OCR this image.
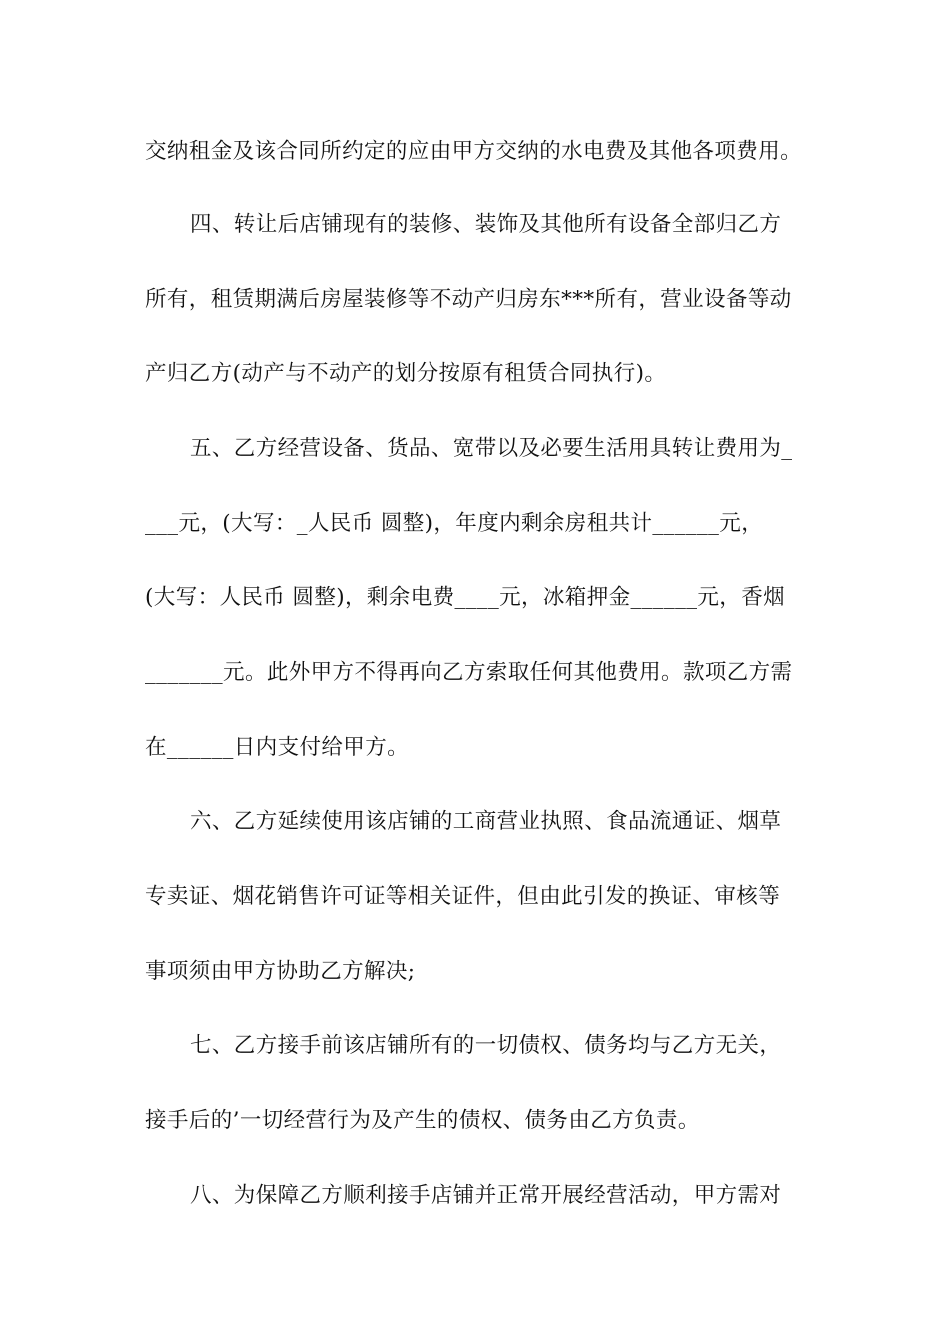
交纳租金及该合同所约定的应由甲方交纳的水电费及其他各项费用。
四、转让后店铺现有的装修、装饰及其他所有设备全部归乙方
所有，租赁期满后房屋装修等不动产归房东***所有，营业设备等动
产归乙方(动产与不动产的划分按原有租赁合同执行)。
五、乙方经营设备、货品、宽带以及必要生活用具转让费用为_
___元，(大写：_人民币 圆整)，年度内剩余房租共计______元，
(大写：人民币 圆整)，剩余电费____元，冰箱押金______元，香烟
_______元。此外甲方不得再向乙方索取任何其他费用。款项乙方需
在______日内支付给甲方。
六、乙方延续使用该店铺的工商营业执照、食品流通证、烟草
专卖证、烟花销售许可证等相关证件，但由此引发的换证、审核等
事项须由甲方协助乙方解决;
七、乙方接手前该店铺所有的一切债权、债务均与乙方无关，
接手后的’一切经营行为及产生的债权、债务由乙方负责。
八、为保障乙方顺利接手店铺并正常开展经营活动，甲方需对
